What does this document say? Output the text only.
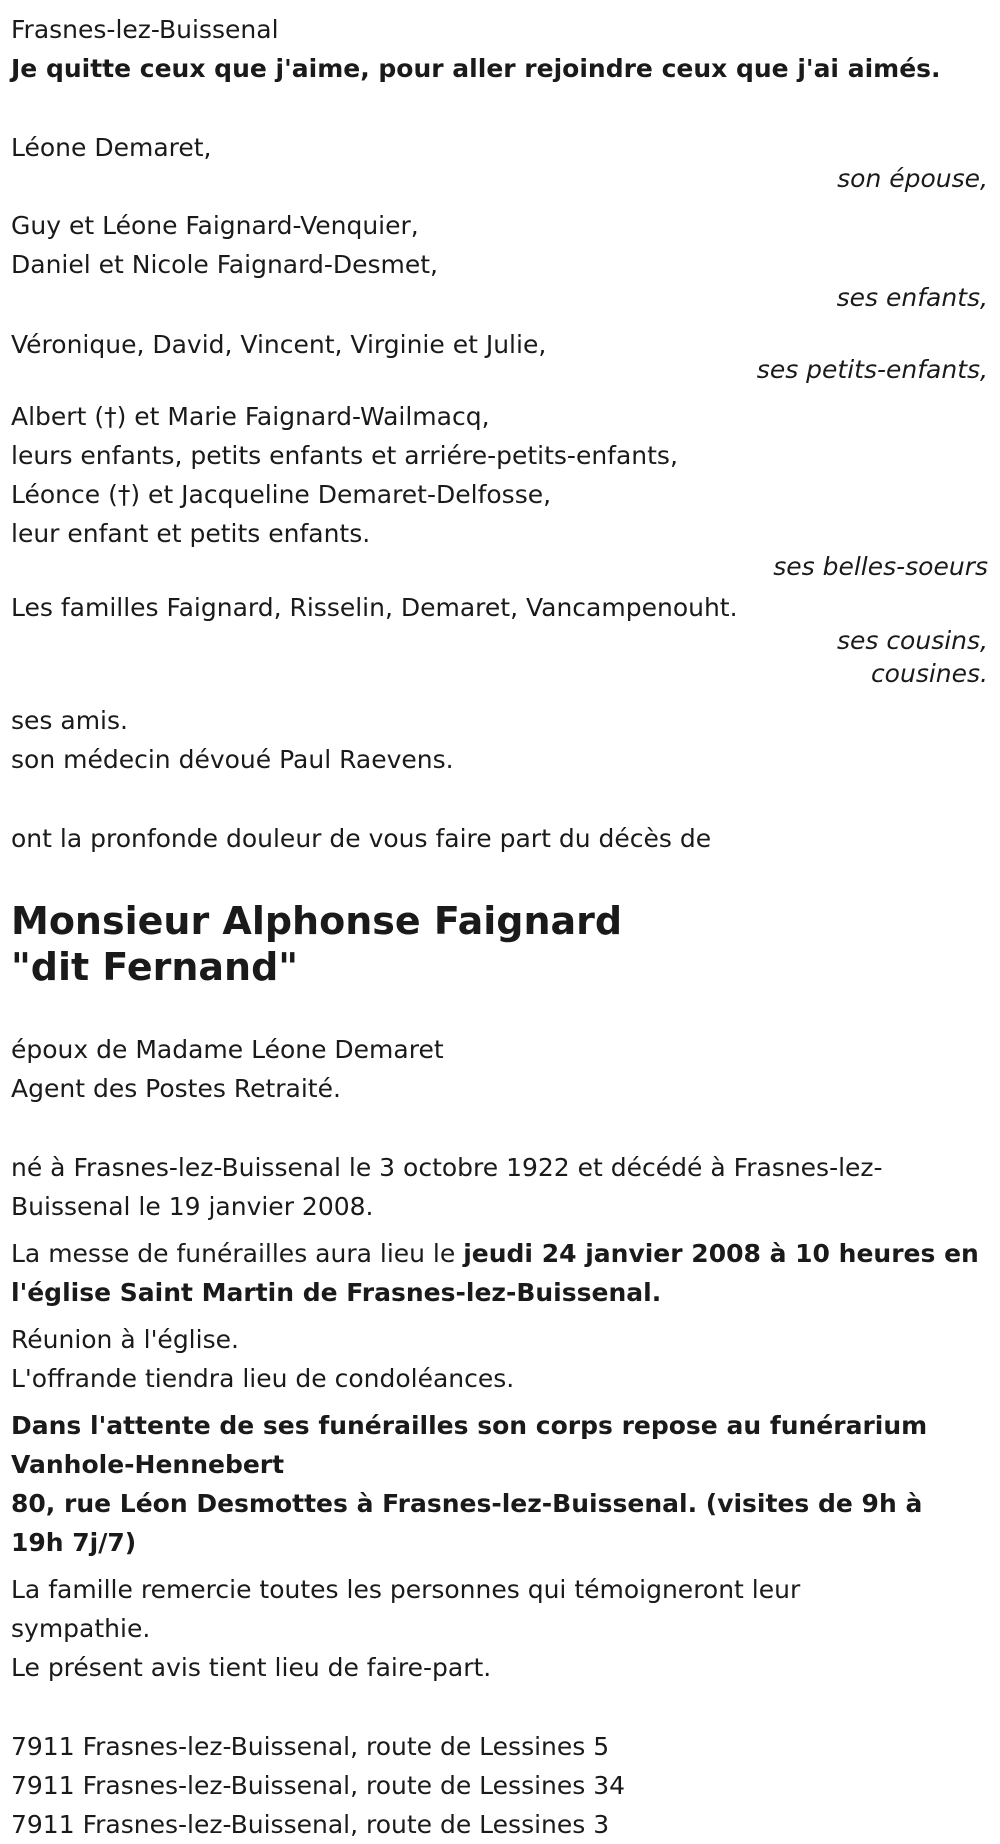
Frasnes-lez-Buissenal
Je quitte ceux que j'aime, pour aller rejoindre ceux que j'ai aimés.
Léone Demaret,
son épouse,
Guy et Léone Faignard-Venquier,
Daniel et Nicole Faignard-Desmet,
ses enfants,
Véronique, David, Vincent, Virginie et Julie,
ses petits-enfants,
Albert (†) et Marie Faignard-Wailmacq,
leurs enfants, petits enfants et arriére-petits-enfants,
Léonce (†) et Jacqueline Demaret-Delfosse,
leur enfant et petits enfants.
ses belles-soeurs
Les familles Faignard, Risselin, Demaret, Vancampenouht.
ses cousins,
cousines.
ses amis.
son médecin dévoué Paul Raevens.
ont la pronfonde douleur de vous faire part du décès de
Monsieur Alphonse Faignard
"dit Fernand"
époux de Madame Léone Demaret
Agent des Postes Retraité.
né à Frasnes-lez-Buissenal le 3 octobre 1922 et décédé à Frasnes-lez-Buissenal le 19 janvier 2008.
La messe de funérailles aura lieu le jeudi 24 janvier 2008 à 10 heures en l'église Saint Martin de Frasnes-lez-Buissenal.
Réunion à l'église.
L'offrande tiendra lieu de condoléances.
Dans l'attente de ses funérailles son corps repose au funérarium Vanhole-Hennebert
80, rue Léon Desmottes à Frasnes-lez-Buissenal. (visites de 9h à 19h 7j/7)
La famille remercie toutes les personnes qui témoigneront leur sympathie.
Le présent avis tient lieu de faire-part.
7911 Frasnes-lez-Buissenal, route de Lessines 5
7911 Frasnes-lez-Buissenal, route de Lessines 34
7911 Frasnes-lez-Buissenal, route de Lessines 3
